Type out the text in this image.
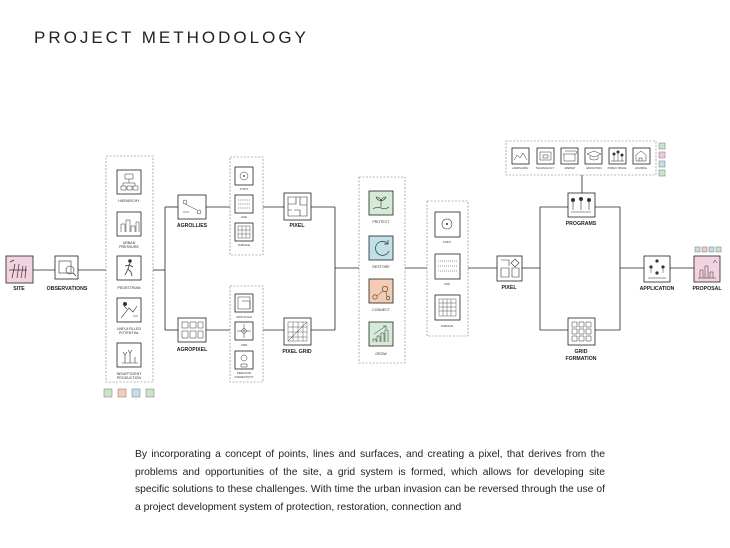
PROJECT METHODOLOGY
SITE	OBSERVATIONS
HIERARCHY
URBAN
PRESSURE
PEDESTRIAN
UNFULFILLED
POTENTIAL
INSUFFICIENT
PRODUCTION
AGROLLIES
AGROPIXEL
POINT
LINE
SURFACE
GRID SCALE
GRID
DIRECTION
CONNECTIVITY
PIXEL
PIXEL GRID
PROTECT
RESTORE
CONNECT
GROW
POINT
LINE
SURFACE
PIXEL
LANDSCAPE	TECHNOLOGY	MARKET	EDUCATION PUBLIC SPACE	HOUSING
PROGRAMS
GRID
FORMATION
APPLICATION	PROPOSAL
By incorporating a concept of points, lines and surfaces, and creating a pixel, that derives from the problems and opportunities of the site, a grid system is formed, which allows for developing site specific solutions to these challenges. With time the urban invasion can be reversed through the use of a project development system of protection, restoration, connection and
